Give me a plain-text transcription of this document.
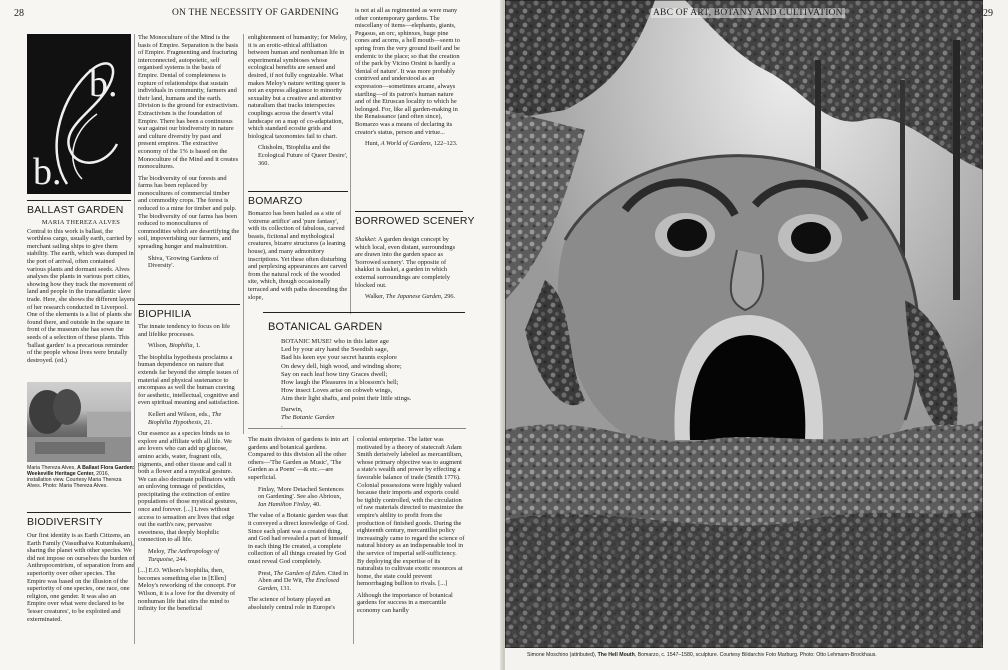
28	ON THE NECESSITY OF GARDENING
b.
b.
BALLAST GARDEN

MARIA THEREZA ALVES

Central to this work is ballast, the worthless cargo, usually earth, carried by merchant sailing ships to give them stability. The earth, which was dumped in the port of arrival, often contained various plants and dormant seeds. Alves analyses the plants in various port cities, showing how they track the movement of land and people in the transatlantic slave trade. Here, she shows the different layers of her research conducted in Liverpool. One of the elements is a list of plants she found there, and outside in the square in front of the museum she has sown the seeds of a selection of these plants. This 'ballast garden' is a precarious reminder of the people whose lives were brutally destroyed. (ed.)

Maria Thereza Alves, A Ballast Flora Garden: Weekeville Heritage Center, 2016, installation view. Courtesy Maria Thereza Alves. Photo: Maria Thereza Alves.
BIODIVERSITY

Our first identity is as Earth Citizens, an Earth Family (Vasudhaiva Kutumbakam), sharing the planet with other species. We did not impose on ourselves the burden of Anthropocentrism, of separation from and superiority over other species. The Empire was based on the illusion of the superiority of one species, one race, one religion, one gender. It was also an Empire over what were declared to be 'lesser creatures', to be exploited and exterminated.

The Monoculture of the Mind is the basis of Empire. Separation is the basis of Empire. Fragmenting and fracturing interconnected, autopoietic, self organised systems is the basis of Empire. Denial of completeness is rupture of relationships that sustain individuals in community, farmers and their land, humans and the earth. Division is the ground for extractivism. Extractivism is the foundation of Empire. There has been a continuous war against our biodiversity in nature and culture diversity by past and present empires. The extractive economy of the 1% is based on the Monoculture of the Mind and it creates monocultures.

The biodiversity of our forests and farms has been replaced by monocultures of commercial timber and commodity crops. The forest is reduced to a mine for timber and pulp. The biodiversity of our farms has been reduced to monocultures of commodities which are desertifying the soil, impoverishing our farmers, and spreading hunger and malnutrition.

Shiva, 'Growing Gardens of Diversity'.

BIOPHILIA

The innate tendency to focus on life and lifelike processes.

Wilson, Biophilia, 1.

The biophilia hypothesis proclaims a human dependence on nature that extends far beyond the simple issues of material and physical sustenance to encompass as well the human craving for aesthetic, intellectual, cognitive and even spiritual meaning and satisfaction.

Kellert and Wilson, eds., The Biophilia Hypothesis, 21.

Our essence as a species binds us to explore and affiliate with all life. We are lovers who can add up glucose, amino acids, water, fragrant oils, pigments, and other tissue and call it both a flower and a mystical gesture. We can also decimate pollinators with an unloving tonnage of pesticides, precipitating the extinction of entire populations of those mystical gestures, once and forever. [...] Lives without access to sensation are lives that edge out the earth's raw, pervasive sweetness, that deeply biophilic connection to all life.

Meloy, The Anthropology of Turquoise, 244.

[...] E.O. Wilson's biophilia, then, becomes something else in [Ellen] Meloy's reworking of the concept. For Wilson, it is a love for the diversity of nonhuman life that stirs the mind to infinity for the beneficial

enlightenment of humanity; for Meloy, it is an erotic-ethical affiliation between human and nonhuman life in experimental symbioses whose ecological benefits are sensed and desired, if not fully cognizable. What makes Meloy's nature writing queer is not an express allegiance to minority sexuality but a creative and attentive naturalism that tracks interspecies couplings across the desert's vital landscape on a map of co-adaptation, which standard ecosite grids and biological taxonomies fail to chart.

Chisholm, 'Biophilia and the Ecological Future of Queer Desire', 360.

BOMARZO

Bomarzo has been hailed as a site of 'extreme artifice' and 'pure fantasy', with its collection of fabulous, carved beasts, fictional and mythological creatures, bizarre structures (a leaning house), and many admonitory inscriptions. Yet these often disturbing and perplexing appearances are carved from the natural rock of the wooded site, which, though occasionally terraced and with paths descending the slope,

is not at all as regimented as were many other contemporary gardens. The miscellany of items—elephants, giants, Pegasus, an orc, sphinxes, huge pine cones and acorns, a hell mouth—seem to spring from the very ground itself and be endemic to the place; so that the creation of the park by Vicino Orsini is hardly a 'denial of nature'. It was more probably contrived and understood as an expression—sometimes arcane, always startling—of its patron's human nature and of the Etruscan locality to which he belonged. For, like all garden-making in the Renaissance (and often since), Bomarzo was a means of declaring its creator's status, person and virtue...

Hunt, A World of Gardens, 122–123.

BORROWED SCENERY

Shakkei: A garden design concept by which local, even distant, surroundings are drawn into the garden space as 'borrowed scenery'. The opposite of shakkei is daskei, a garden in which external surroundings are completely blocked out.

Walker, The Japanese Garden, 296.

BOTANICAL GARDEN
BOTANIC MUSE! who in this latter age
Led by your airy hand the Swedish sage,
Bad his keen eye your secret haunts explore
On dewy dell, high wood, and winding shore;
Say on each leaf how tiny Graces dwell;
How laugh the Pleasures in a blossom's bell;
How insect Loves arise on cobweb wings,
Aim their light shafts, and point their little stings.
Darwin,
The Botanic Garden
.

The main division of gardens is into art gardens and botanical gardens. Compared to this division all the other others—'The Garden as Music', 'The Garden as a Poem' —& etc.—are superficial.

Finlay, 'More Detached Sentences on Gardening'. See also Abrioux, Ian Hamilton Finlay, 40.

The value of a Botanic garden was that it conveyed a direct knowledge of God. Since each plant was a created thing, and God had revealed a part of himself in each thing He created, a complete collection of all things created by God must reveal God completely.

Prest, The Garden of Eden. Cited in Aben and De Wit, The Enclosed Garden, 131.

The science of botany played an absolutely central role in Europe's

colonial enterprise. The latter was motivated by a theory of statecraft Adam Smith derisively labeled as mercantilism, whose primary objective was to augment a state's wealth and power by effecting a favorable balance of trade (Smith 1776). Colonial possessions were highly valued because their imports and exports could be tightly controlled, with the circulation of raw materials directed to maximize the empire's ability to profit from the production of finished goods. During the eighteenth century, mercantilist policy increasingly came to regard the science of natural history as an indispensable tool in the service of imperial self-sufficiency. By deploying the expertise of its naturalists to cultivate exotic resources at home, the state could prevent hemorrhaging bullion to rivals. [...]

Although the importance of botanical gardens for success in a mercantile economy can hardly

29
ABC OF ART, BOTANY AND CULTIVATION
Simone Moschino (attributed), The Hell Mouth, Bomarzo, c. 1547–1580, sculpture. Courtesy Bildarchiv Foto Marburg. Photo: Otto Lehmann-Brockhaus.
